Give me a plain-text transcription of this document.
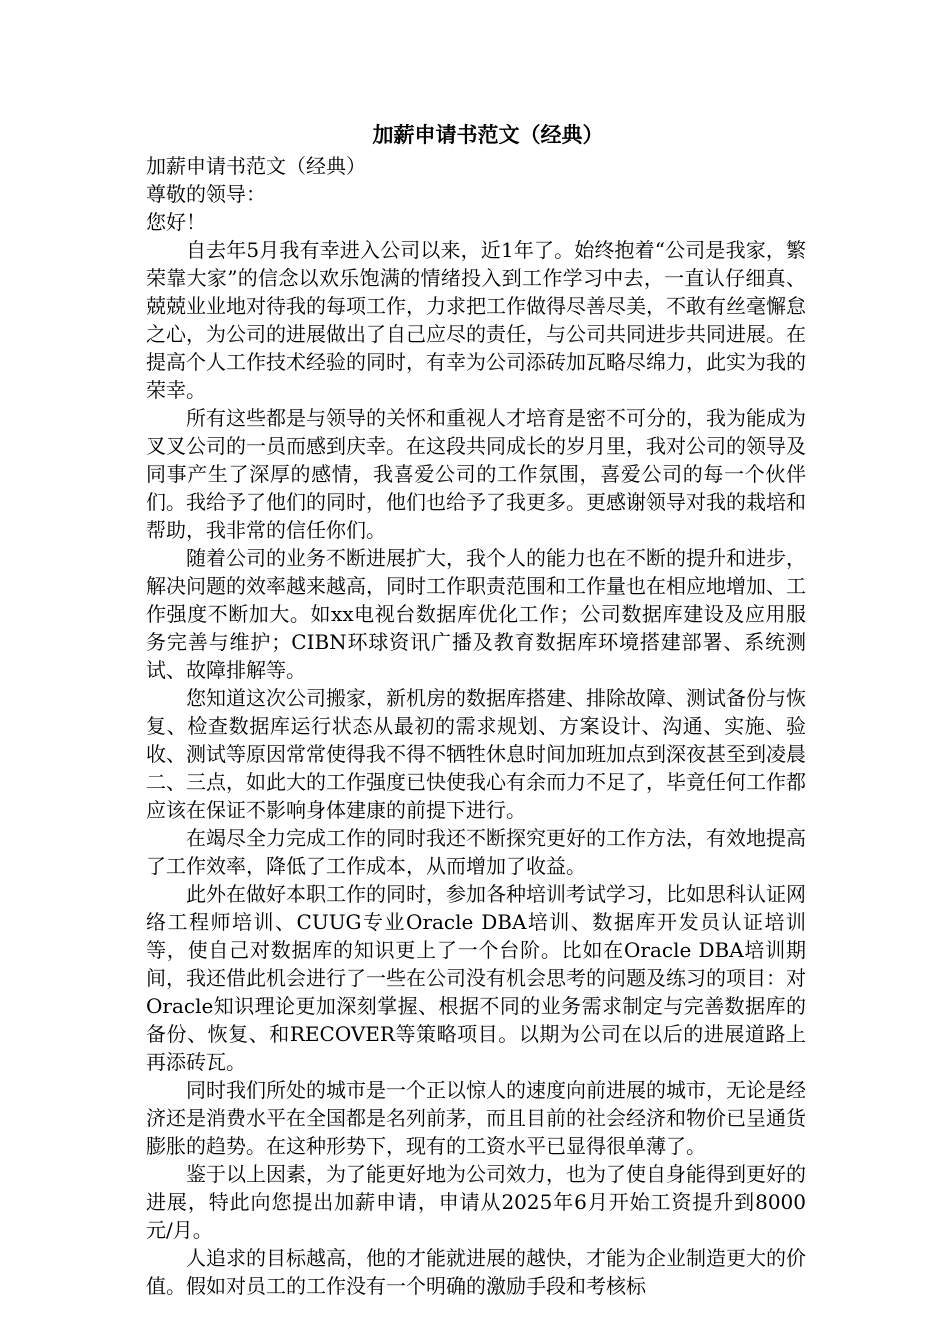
加薪申请书范文（经典）

加薪申请书范文（经典）

尊敬的领导：

您好！

自去年5月我有幸进入公司以来，近1年了。始终抱着“公司是我家，繁荣靠大家”的信念以欢乐饱满的情绪投入到工作学习中去，一直认仔细真、兢兢业业地对待我的每项工作，力求把工作做得尽善尽美，不敢有丝毫懈怠之心，为公司的进展做出了自己应尽的责任，与公司共同进步共同进展。在提高个人工作技术经验的同时，有幸为公司添砖加瓦略尽绵力，此实为我的荣幸。

所有这些都是与领导的关怀和重视人才培育是密不可分的，我为能成为叉叉公司的一员而感到庆幸。在这段共同成长的岁月里，我对公司的领导及同事产生了深厚的感情，我喜爱公司的工作氛围，喜爱公司的每一个伙伴们。我给予了他们的同时，他们也给予了我更多。更感谢领导对我的栽培和帮助，我非常的信任你们。

随着公司的业务不断进展扩大，我个人的能力也在不断的提升和进步，解决问题的效率越来越高，同时工作职责范围和工作量也在相应地增加、工作强度不断加大。如xx电视台数据库优化工作；公司数据库建设及应用服务完善与维护；CIBN环球资讯广播及教育数据库环境搭建部署、系统测试、故障排解等。

您知道这次公司搬家，新机房的数据库搭建、排除故障、测试备份与恢复、检查数据库运行状态从最初的需求规划、方案设计、沟通、实施、验收、测试等原因常常使得我不得不牺牲休息时间加班加点到深夜甚至到凌晨二、三点，如此大的工作强度已快使我心有余而力不足了，毕竟任何工作都应该在保证不影响身体建康的前提下进行。

在竭尽全力完成工作的同时我还不断探究更好的工作方法，有效地提高了工作效率，降低了工作成本，从而增加了收益。

此外在做好本职工作的同时，参加各种培训考试学习，比如思科认证网络工程师培训、CUUG专业Oracle DBA培训、数据库开发员认证培训等，使自己对数据库的知识更上了一个台阶。比如在Oracle DBA培训期间，我还借此机会进行了一些在公司没有机会思考的问题及练习的项目：对Oracle知识理论更加深刻掌握、根据不同的业务需求制定与完善数据库的备份、恢复、和RECOVER等策略项目。以期为公司在以后的进展道路上再添砖瓦。

同时我们所处的城市是一个正以惊人的速度向前进展的城市，无论是经济还是消费水平在全国都是名列前茅，而且目前的社会经济和物价已呈通货膨胀的趋势。在这种形势下，现有的工资水平已显得很单薄了。

鉴于以上因素，为了能更好地为公司效力，也为了使自身能得到更好的进展，特此向您提出加薪申请，申请从2025年6月开始工资提升到8000元/月。

人追求的目标越高，他的才能就进展的越快，才能为企业制造更大的价值。假如对员工的工作没有一个明确的激励手段和考核标
